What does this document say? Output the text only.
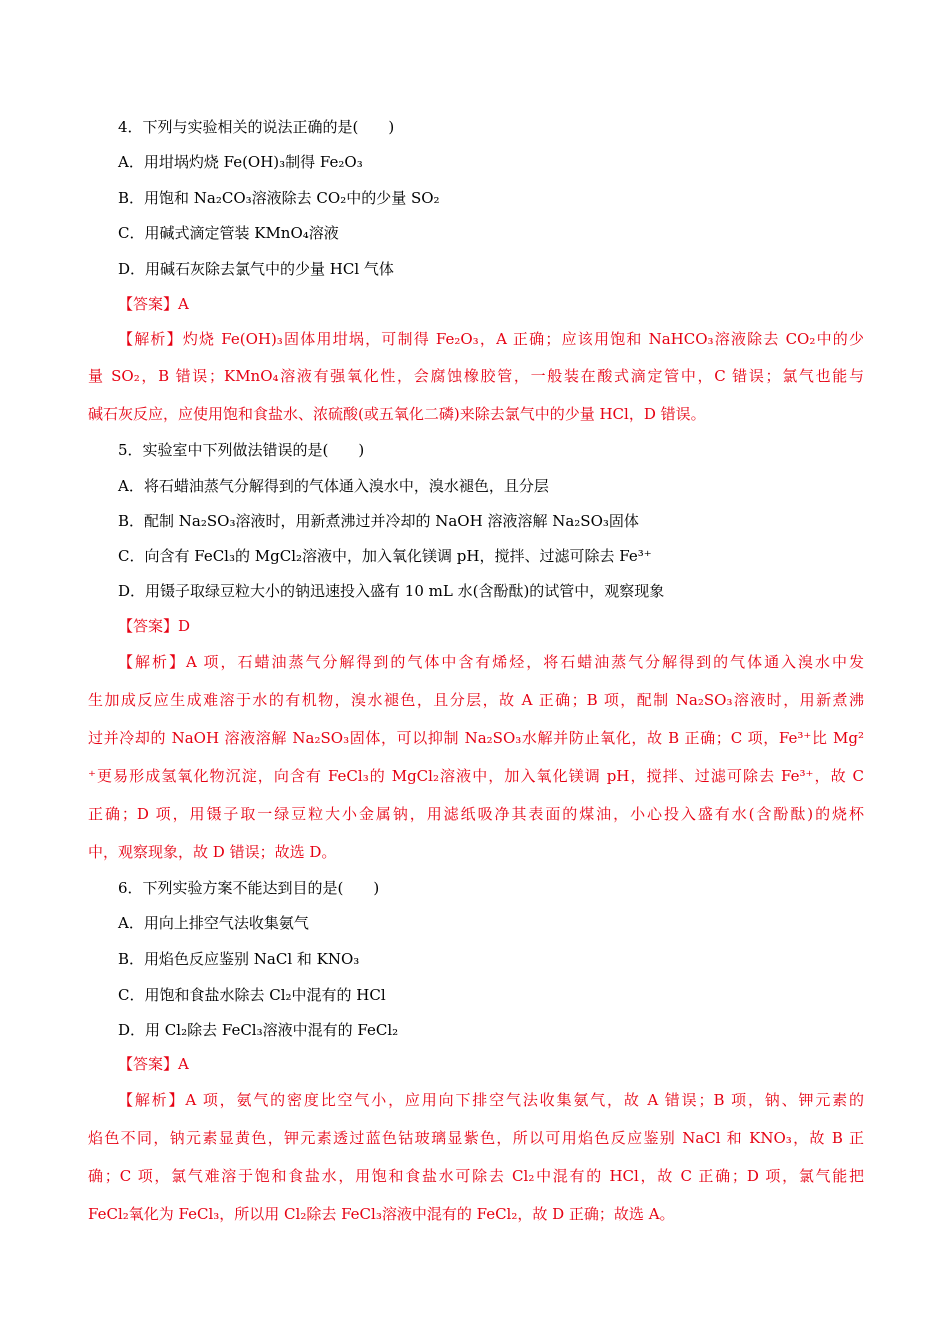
4．下列与实验相关的说法正确的是(　　)
A．用坩埚灼烧 Fe(OH)₃制得 Fe₂O₃
B．用饱和 Na₂CO₃溶液除去 CO₂中的少量 SO₂
C．用碱式滴定管装 KMnO₄溶液
D．用碱石灰除去氯气中的少量 HCl 气体
【答案】A
【解析】灼烧 Fe(OH)₃固体用坩埚，可制得 Fe₂O₃，A 正确；应该用饱和 NaHCO₃溶液除去 CO₂中的少
量 SO₂，B 错误；KMnO₄溶液有强氧化性，会腐蚀橡胶管，一般装在酸式滴定管中，C 错误；氯气也能与
碱石灰反应，应使用饱和食盐水、浓硫酸(或五氧化二磷)来除去氯气中的少量 HCl，D 错误。
5．实验室中下列做法错误的是(　　)
A．将石蜡油蒸气分解得到的气体通入溴水中，溴水褪色，且分层
B．配制 Na₂SO₃溶液时，用新煮沸过并冷却的 NaOH 溶液溶解 Na₂SO₃固体
C．向含有 FeCl₃的 MgCl₂溶液中，加入氧化镁调 pH，搅拌、过滤可除去 Fe³⁺
D．用镊子取绿豆粒大小的钠迅速投入盛有 10 mL 水(含酚酞)的试管中，观察现象
【答案】D
【解析】A 项，石蜡油蒸气分解得到的气体中含有烯烃，将石蜡油蒸气分解得到的气体通入溴水中发
生加成反应生成难溶于水的有机物，溴水褪色，且分层，故 A 正确；B 项，配制 Na₂SO₃溶液时，用新煮沸
过并冷却的 NaOH 溶液溶解 Na₂SO₃固体，可以抑制 Na₂SO₃水解并防止氧化，故 B 正确；C 项，Fe³⁺比 Mg²
⁺更易形成氢氧化物沉淀，向含有 FeCl₃的 MgCl₂溶液中，加入氧化镁调 pH，搅拌、过滤可除去 Fe³⁺，故 C
正确；D 项，用镊子取一绿豆粒大小金属钠，用滤纸吸净其表面的煤油，小心投入盛有水(含酚酞)的烧杯
中，观察现象，故 D 错误；故选 D。
6．下列实验方案不能达到目的是(　　)
A．用向上排空气法收集氨气
B．用焰色反应鉴别 NaCl 和 KNO₃
C．用饱和食盐水除去 Cl₂中混有的 HCl
D．用 Cl₂除去 FeCl₃溶液中混有的 FeCl₂
【答案】A
【解析】A 项，氨气的密度比空气小，应用向下排空气法收集氨气，故 A 错误；B 项，钠、钾元素的
焰色不同，钠元素显黄色，钾元素透过蓝色钴玻璃显紫色，所以可用焰色反应鉴别 NaCl 和 KNO₃，故 B 正
确；C 项，氯气难溶于饱和食盐水，用饱和食盐水可除去 Cl₂中混有的 HCl，故 C 正确；D 项，氯气能把
FeCl₂氧化为 FeCl₃，所以用 Cl₂除去 FeCl₃溶液中混有的 FeCl₂，故 D 正确；故选 A。
